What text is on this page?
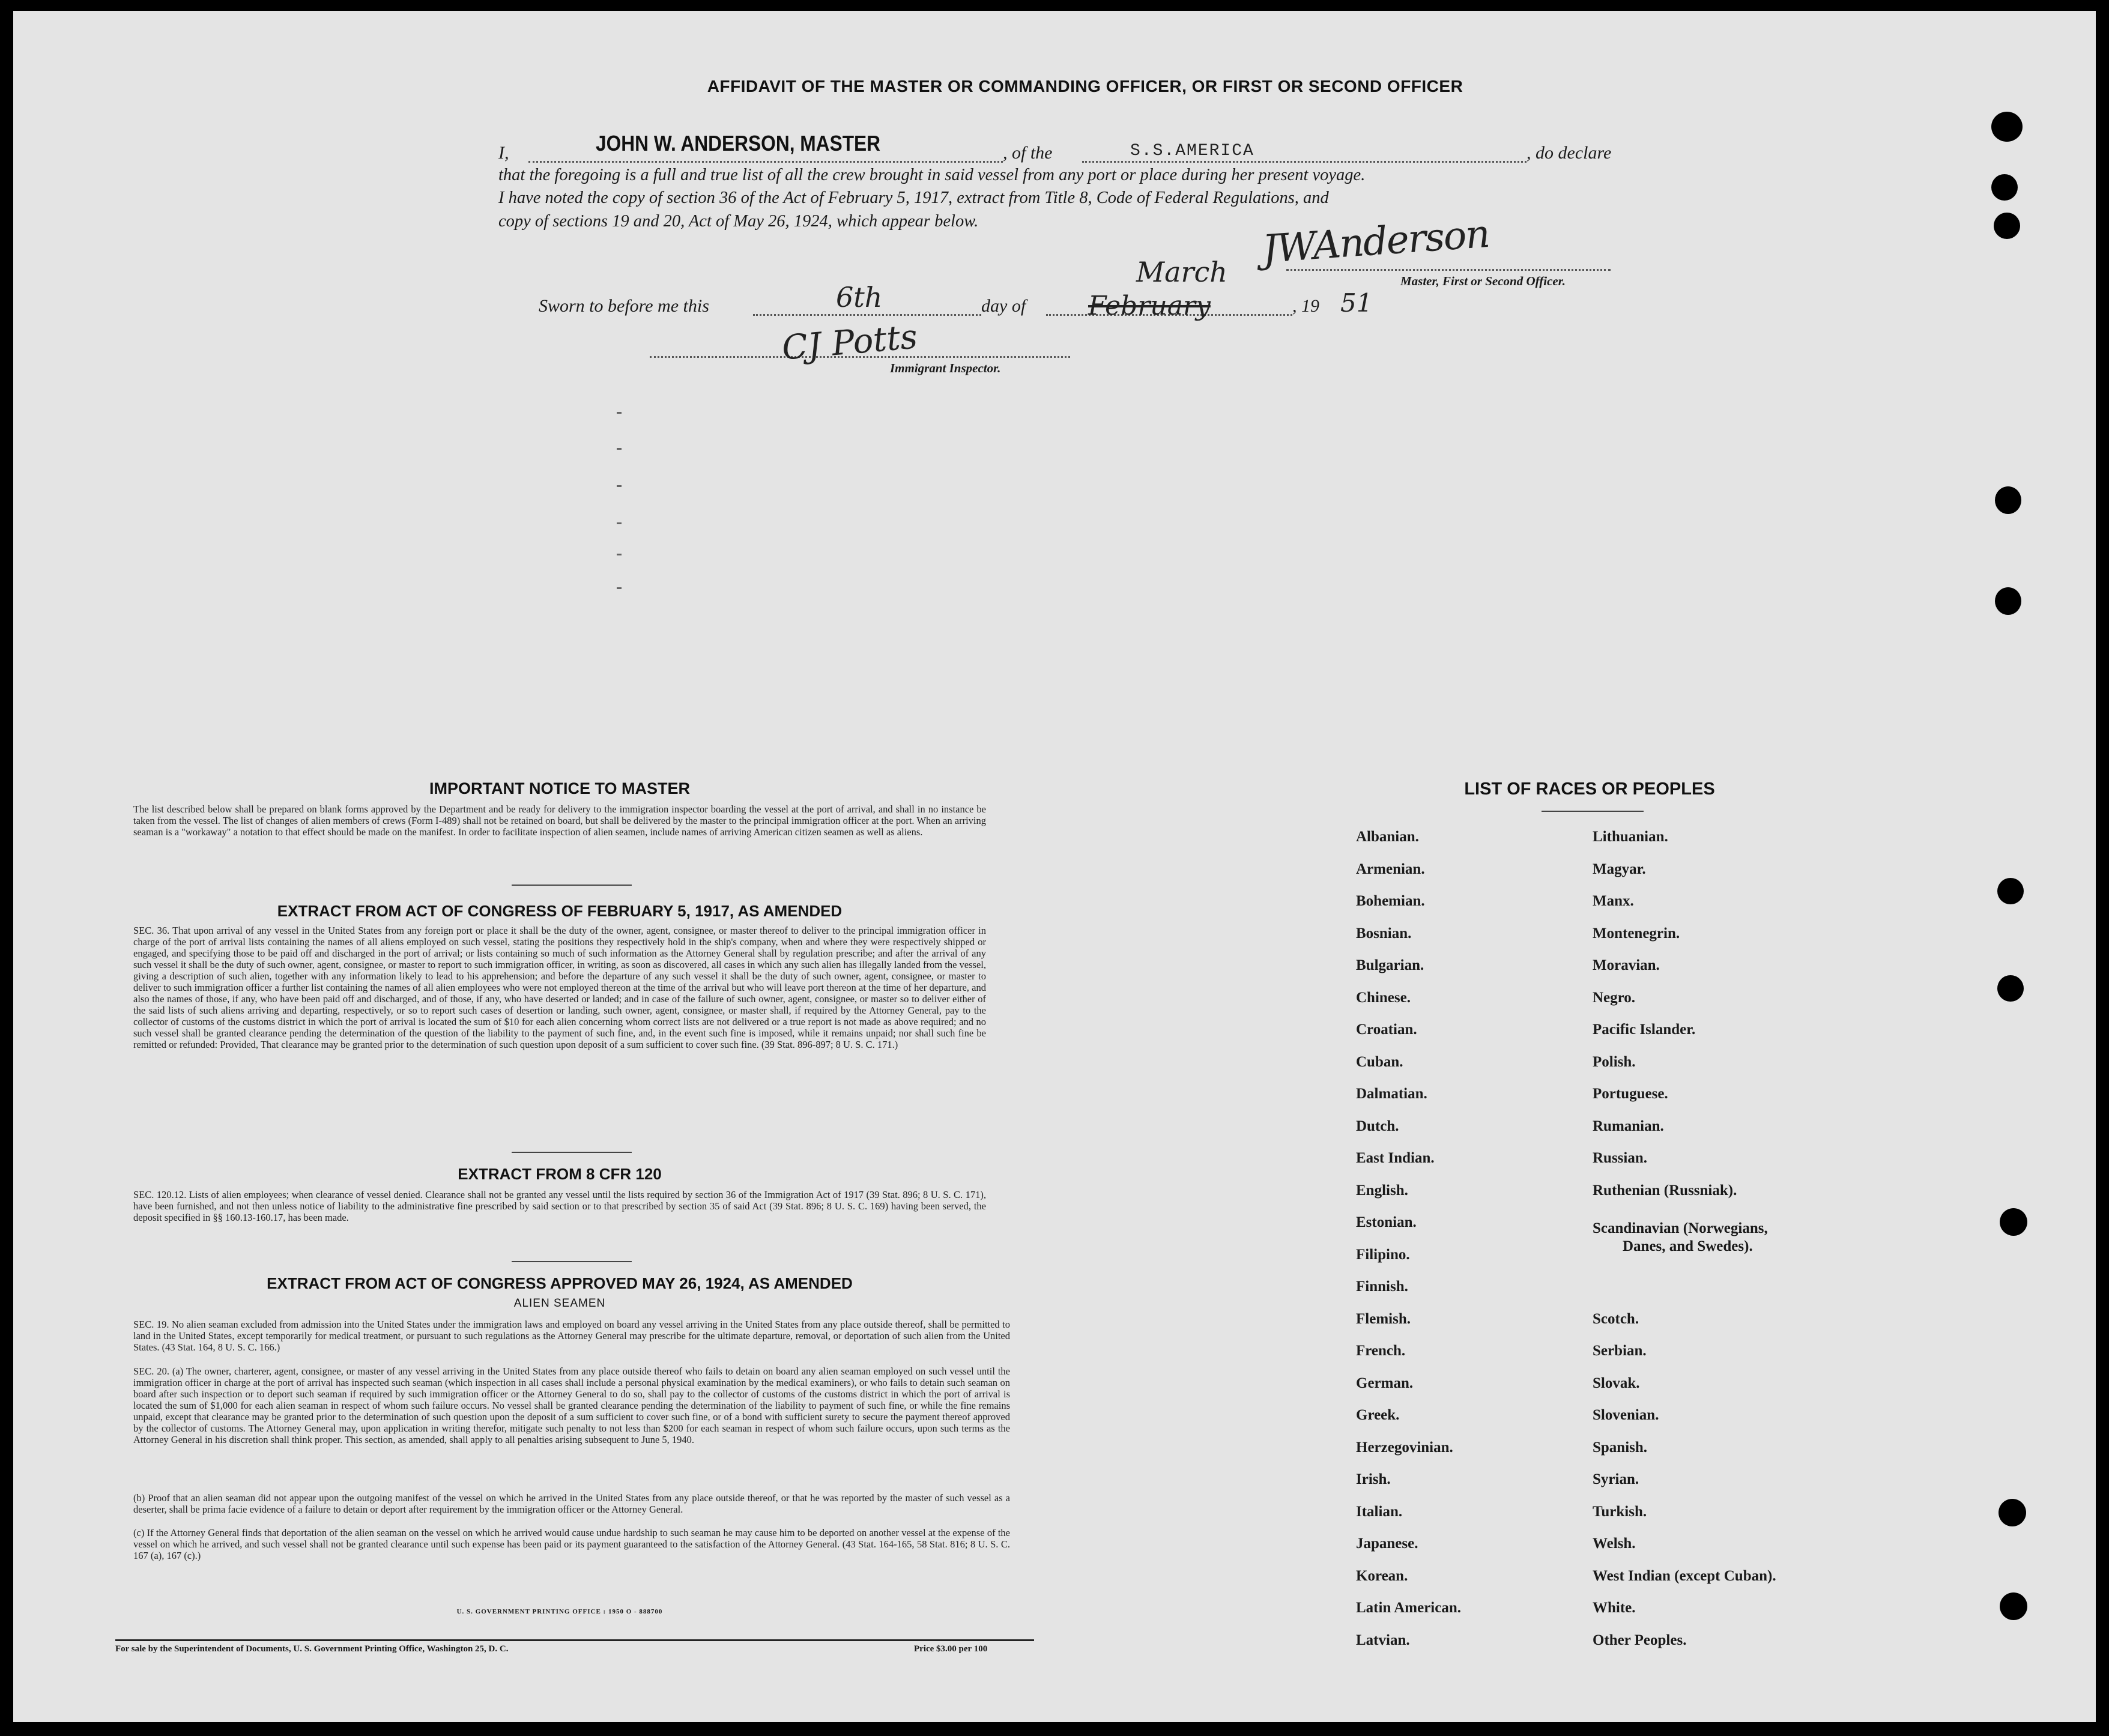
AFFIDAVIT OF THE MASTER OR COMMANDING OFFICER, OR FIRST OR SECOND OFFICER
I,	JOHN W. ANDERSON, MASTER	, of the	S.S.AMERICA	, do declare
that the foregoing is a full and true list of all the crew brought in said vessel from any port or place during her present voyage.
I have noted the copy of section 36 of the Act of February 5, 1917, extract from Title 8, Code of Federal Regulations, and
copy of sections 19 and 20, Act of May 26, 1924, which appear below.	JWAnderson
Master, First or Second Officer.
Sworn to before me this	6th	day of February
March
, 19 51
CJ Potts
Immigrant Inspector.
IMPORTANT NOTICE TO MASTER
The list described below shall be prepared on blank forms approved by the Department and be ready for delivery to the immigration inspector boarding the vessel at the port of arrival, and shall in no instance be taken from the vessel. The list of changes of alien members of crews (Form I-489) shall not be retained on board, but shall be delivered by the master to the principal immigration officer at the port. When an arriving seaman is a "workaway" a notation to that effect should be made on the manifest. In order to facilitate inspection of alien seamen, include names of arriving American citizen seamen as well as aliens.
EXTRACT FROM ACT OF CONGRESS OF FEBRUARY 5, 1917, AS AMENDED
SEC. 36. That upon arrival of any vessel in the United States from any foreign port or place it shall be the duty of the owner, agent, consignee, or master thereof to deliver to the principal immigration officer in charge of the port of arrival lists containing the names of all aliens employed on such vessel, stating the positions they respectively hold in the ship's company, when and where they were respectively shipped or engaged, and specifying those to be paid off and discharged in the port of arrival; or lists containing so much of such information as the Attorney General shall by regulation prescribe; and after the arrival of any such vessel it shall be the duty of such owner, agent, consignee, or master to report to such immigration officer, in writing, as soon as discovered, all cases in which any such alien has illegally landed from the vessel, giving a description of such alien, together with any information likely to lead to his apprehension; and before the departure of any such vessel it shall be the duty of such owner, agent, consignee, or master to deliver to such immigration officer a further list containing the names of all alien employees who were not employed thereon at the time of the arrival but who will leave port thereon at the time of her departure, and also the names of those, if any, who have been paid off and discharged, and of those, if any, who have deserted or landed; and in case of the failure of such owner, agent, consignee, or master so to deliver either of the said lists of such aliens arriving and departing, respectively, or so to report such cases of desertion or landing, such owner, agent, consignee, or master shall, if required by the Attorney General, pay to the collector of customs of the customs district in which the port of arrival is located the sum of $10 for each alien concerning whom correct lists are not delivered or a true report is not made as above required; and no such vessel shall be granted clearance pending the determination of the question of the liability to the payment of such fine, and, in the event such fine is imposed, while it remains unpaid; nor shall such fine be remitted or refunded: Provided, That clearance may be granted prior to the determination of such question upon deposit of a sum sufficient to cover such fine. (39 Stat. 896-897; 8 U. S. C. 171.)
EXTRACT FROM 8 CFR 120
SEC. 120.12. Lists of alien employees; when clearance of vessel denied. Clearance shall not be granted any vessel until the lists required by section 36 of the Immigration Act of 1917 (39 Stat. 896; 8 U. S. C. 171), have been furnished, and not then unless notice of liability to the administrative fine prescribed by said section or to that prescribed by section 35 of said Act (39 Stat. 896; 8 U. S. C. 169) having been served, the deposit specified in §§ 160.13-160.17, has been made.
EXTRACT FROM ACT OF CONGRESS APPROVED MAY 26, 1924, AS AMENDED
ALIEN SEAMEN
SEC. 19. No alien seaman excluded from admission into the United States under the immigration laws and employed on board any vessel arriving in the United States from any place outside thereof, shall be permitted to land in the United States, except temporarily for medical treatment, or pursuant to such regulations as the Attorney General may prescribe for the ultimate departure, removal, or deportation of such alien from the United States. (43 Stat. 164, 8 U. S. C. 166.)
SEC. 20. (a) The owner, charterer, agent, consignee, or master of any vessel arriving in the United States from any place outside thereof who fails to detain on board any alien seaman employed on such vessel until the immigration officer in charge at the port of arrival has inspected such seaman (which inspection in all cases shall include a personal physical examination by the medical examiners), or who fails to detain such seaman on board after such inspection or to deport such seaman if required by such immigration officer or the Attorney General to do so, shall pay to the collector of customs of the customs district in which the port of arrival is located the sum of $1,000 for each alien seaman in respect of whom such failure occurs. No vessel shall be granted clearance pending the determination of the liability to payment of such fine, or while the fine remains unpaid, except that clearance may be granted prior to the determination of such question upon the deposit of a sum sufficient to cover such fine, or of a bond with sufficient surety to secure the payment thereof approved by the collector of customs. The Attorney General may, upon application in writing therefor, mitigate such penalty to not less than $200 for each seaman in respect of whom such failure occurs, upon such terms as the Attorney General in his discretion shall think proper. This section, as amended, shall apply to all penalties arising subsequent to June 5, 1940.
(b) Proof that an alien seaman did not appear upon the outgoing manifest of the vessel on which he arrived in the United States from any place outside thereof, or that he was reported by the master of such vessel as a deserter, shall be prima facie evidence of a failure to detain or deport after requirement by the immigration officer or the Attorney General.
(c) If the Attorney General finds that deportation of the alien seaman on the vessel on which he arrived would cause undue hardship to such seaman he may cause him to be deported on another vessel at the expense of the vessel on which he arrived, and such vessel shall not be granted clearance until such expense has been paid or its payment guaranteed to the satisfaction of the Attorney General. (43 Stat. 164-165, 58 Stat. 816; 8 U. S. C. 167 (a), 167 (c).)
U. S. GOVERNMENT PRINTING OFFICE : 1950 O - 888700
For sale by the Superintendent of Documents, U. S. Government Printing Office, Washington 25, D. C.	Price $3.00 per 100
LIST OF RACES OR PEOPLES
Albanian.
Armenian.
Bohemian.
Bosnian.
Bulgarian.
Chinese.
Croatian.
Cuban.
Dalmatian.
Dutch.
East Indian.
English.
Estonian.
Filipino.
Finnish.
Flemish.
French.
German.
Greek.
Herzegovinian.
Irish.
Italian.
Japanese.
Korean.
Latin American.
Latvian.
Lithuanian.
Magyar.
Manx.
Montenegrin.
Moravian.
Negro.
Pacific Islander.
Polish.
Portuguese.
Rumanian.
Russian.
Ruthenian (Russniak).
Scandinavian (Norwegians,
Danes, and Swedes).
Scotch.
Serbian.
Slovak.
Slovenian.
Spanish.
Syrian.
Turkish.
Welsh.
West Indian (except Cuban).
White.
Other Peoples.
